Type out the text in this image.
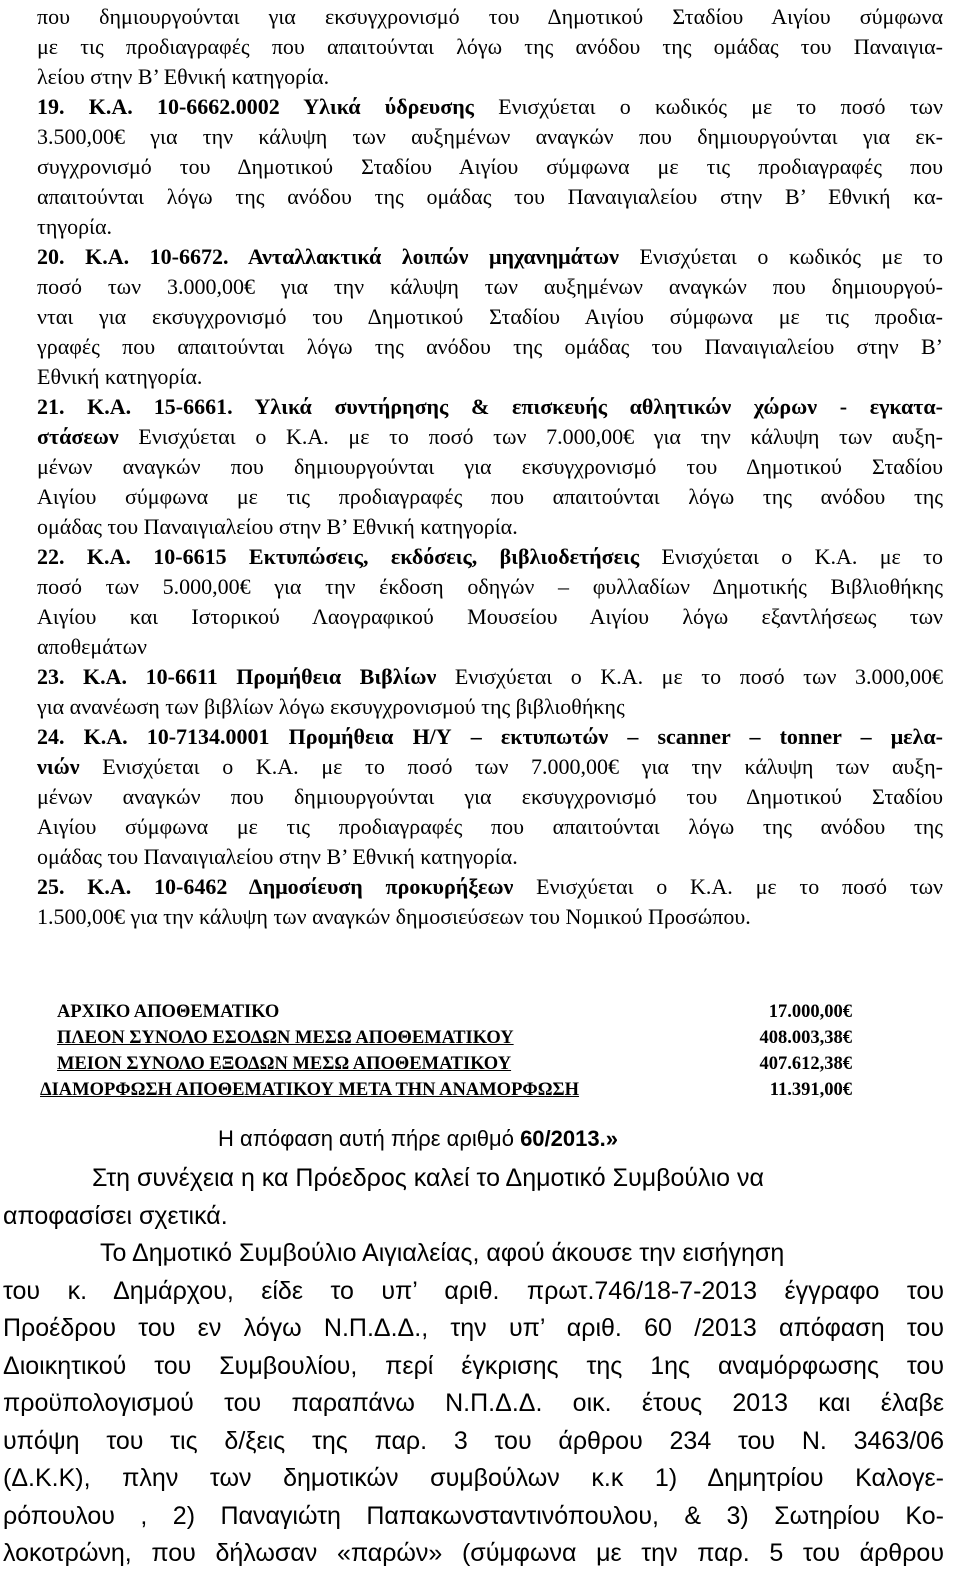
που δημιουργούνται για εκσυγχρονισμό του Δημοτικού Σταδίου Αιγίου σύμφωνα
με τις προδιαγραφές που απαιτούνται λόγω της ανόδου της ομάδας του Παναιγια-
λείου στην Β’ Εθνική κατηγορία.
19. Κ.Α. 10-6662.0002 Υλικά ύδρευσης Ενισχύεται ο κωδικός με το ποσό των
3.500,00€ για την κάλυψη των αυξημένων αναγκών που δημιουργούνται για εκ-
συγχρονισμό του Δημοτικού Σταδίου Αιγίου σύμφωνα με τις προδιαγραφές που
απαιτούνται λόγω της ανόδου της ομάδας του Παναιγιαλείου στην Β’ Εθνική κα-
τηγορία.
20. Κ.Α. 10-6672. Ανταλλακτικά λοιπών μηχανημάτων Ενισχύεται ο κωδικός με το
ποσό των 3.000,00€ για την κάλυψη των αυξημένων αναγκών που δημιουργού-
νται για εκσυγχρονισμό του Δημοτικού Σταδίου Αιγίου σύμφωνα με τις προδια-
γραφές που απαιτούνται λόγω της ανόδου της ομάδας του Παναιγιαλείου στην Β’
Εθνική κατηγορία.
21. Κ.Α. 15-6661. Υλικά συντήρησης & επισκευής αθλητικών χώρων - εγκατα-
στάσεων Ενισχύεται ο Κ.Α. με το ποσό των 7.000,00€ για την κάλυψη των αυξη-
μένων αναγκών που δημιουργούνται για εκσυγχρονισμό του Δημοτικού Σταδίου
Αιγίου σύμφωνα με τις προδιαγραφές που απαιτούνται λόγω της ανόδου της
ομάδας του Παναιγιαλείου στην Β’ Εθνική κατηγορία.
22. Κ.Α. 10-6615 Εκτυπώσεις, εκδόσεις, βιβλιοδετήσεις Ενισχύεται ο Κ.Α. με το
ποσό των 5.000,00€ για την έκδοση οδηγών – φυλλαδίων Δημοτικής Βιβλιοθήκης
Αιγίου και Ιστορικού Λαογραφικού Μουσείου Αιγίου λόγω εξαντλήσεως των
αποθεμάτων
23. Κ.Α. 10-6611 Προμήθεια Βιβλίων Ενισχύεται ο Κ.Α. με το ποσό των 3.000,00€
για ανανέωση των βιβλίων λόγω εκσυγχρονισμού της βιβλιοθήκης
24. Κ.Α. 10-7134.0001 Προμήθεια Η/Υ – εκτυπωτών – scanner – tonner – μελα-
νιών Ενισχύεται ο Κ.Α. με το ποσό των 7.000,00€ για την κάλυψη των αυξη-
μένων αναγκών που δημιουργούνται για εκσυγχρονισμό του Δημοτικού Σταδίου
Αιγίου σύμφωνα με τις προδιαγραφές που απαιτούνται λόγω της ανόδου της
ομάδας του Παναιγιαλείου στην Β’ Εθνική κατηγορία.
25. Κ.Α. 10-6462 Δημοσίευση προκυρήξεων Ενισχύεται ο Κ.Α. με το ποσό των
1.500,00€ για την κάλυψη των αναγκών δημοσιεύσεων του Νομικού Προσώπου.
ΑΡΧΙΚΟ ΑΠΟΘΕΜΑΤΙΚΟ	17.000,00€
ΠΛΕΟΝ ΣΥΝΟΛΟ ΕΣΟΔΩΝ ΜΕΣΩ ΑΠΟΘΕΜΑΤΙΚΟΥ	408.003,38€
ΜΕΙΟΝ ΣΥΝΟΛΟ ΕΞΟΔΩΝ ΜΕΣΩ ΑΠΟΘΕΜΑΤΙΚΟΥ	407.612,38€
ΔΙΑΜΟΡΦΩΣΗ ΑΠΟΘΕΜΑΤΙΚΟΥ ΜΕΤΑ ΤΗΝ ΑΝΑΜΟΡΦΩΣΗ	11.391,00€
Η απόφαση αυτή πήρε αριθμό 60/2013.»
Στη συνέχεια η κα Πρόεδρος καλεί το Δημοτικό Συμβούλιο να
αποφασίσει σχετικά.
Το Δημοτικό Συμβούλιο Αιγιαλείας, αφού άκουσε την εισήγηση
του κ. Δημάρχου, είδε το υπ’ αριθ. πρωτ.746/18-7-2013 έγγραφο του
Προέδρου του εν λόγω Ν.Π.Δ.Δ., την υπ’ αριθ. 60 /2013 απόφαση του
Διοικητικού του Συμβουλίου, περί έγκρισης της 1ης αναμόρφωσης του
προϋπολογισμού του παραπάνω Ν.Π.Δ.Δ. οικ. έτους 2013 και έλαβε
υπόψη του τις δ/ξεις της παρ. 3 του άρθρου 234 του Ν. 3463/06
(Δ.Κ.Κ), πλην των δημοτικών συμβούλων κ.κ 1) Δημητρίου Καλογε-
ρόπουλου , 2) Παναγιώτη Παπακωνσταντινόπουλου, & 3) Σωτηρίου Κο-
λοκοτρώνη, που δήλωσαν «παρών» (σύμφωνα με την παρ. 5 του άρθρου
